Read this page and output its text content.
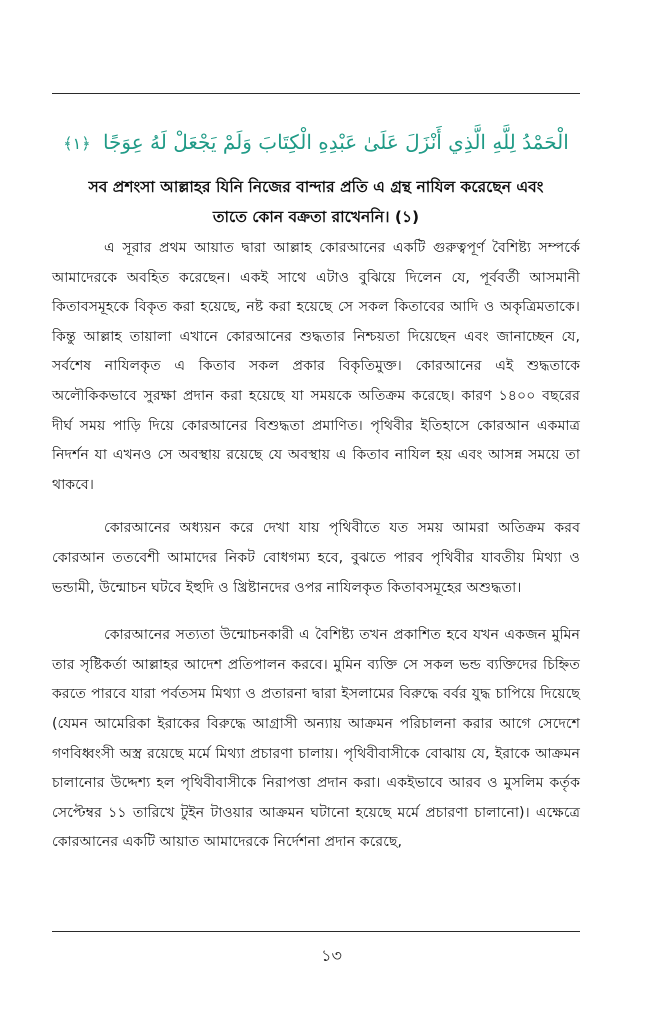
الْحَمْدُ لِلَّهِ الَّذِي أَنْزَلَ عَلَىٰ عَبْدِهِ الْكِتَابَ وَلَمْ يَجْعَلْ لَهُ عِوَجًا ﴿١﴾
সব প্রশংসা আল্লাহর যিনি নিজের বান্দার প্রতি এ গ্রন্থ নাযিল করেছেন এবং
তাতে কোন বক্রতা রাখেননি। (১)

এ সূরার প্রথম আয়াত দ্বারা আল্লাহ কোরআনের একটি গুরুত্বপূর্ণ বৈশিষ্ট্য সম্পর্কে আমাদেরকে অবহিত করেছেন। একই সাথে এটাও বুঝিয়ে দিলেন যে, পূর্ববর্তী আসমানী কিতাবসমূহকে বিকৃত করা হয়েছে, নষ্ট করা হয়েছে সে সকল কিতাবের আদি ও অকৃত্রিমতাকে। কিন্তু আল্লাহ তায়ালা এখানে কোরআনের শুদ্ধতার নিশ্চয়তা দিয়েছেন এবং জানাচ্ছেন যে, সর্বশেষ নাযিলকৃত এ কিতাব সকল প্রকার বিকৃতিমুক্ত। কোরআনের এই শুদ্ধতাকে অলৌকিকভাবে সুরক্ষা প্রদান করা হয়েছে যা সময়কে অতিক্রম করেছে। কারণ ১৪০০ বছরের দীর্ঘ সময় পাড়ি দিয়ে কোরআনের বিশুদ্ধতা প্রমাণিত। পৃথিবীর ইতিহাসে কোরআন একমাত্র নিদর্শন যা এখনও সে অবস্থায় রয়েছে যে অবস্থায় এ কিতাব নাযিল হয় এবং আসন্ন সময়ে তা থাকবে।

কোরআনের অধ্যয়ন করে দেখা যায় পৃথিবীতে যত সময় আমরা অতিক্রম করব কোরআন ততবেশী আমাদের নিকট বোধগম্য হবে, বুঝতে পারব পৃথিবীর যাবতীয় মিথ্যা ও ভন্ডামী, উন্মোচন ঘটবে ইহুদি ও খ্রিষ্টানদের ওপর নাযিলকৃত কিতাবসমূহের অশুদ্ধতা।

কোরআনের সত্যতা উন্মোচনকারী এ বৈশিষ্ট্য তখন প্রকাশিত হবে যখন একজন মুমিন তার সৃষ্টিকর্তা আল্লাহর আদেশ প্রতিপালন করবে। মুমিন ব্যক্তি সে সকল ভন্ড ব্যক্তিদের চিহ্নিত করতে পারবে যারা পর্বতসম মিথ্যা ও প্রতারনা দ্বারা ইসলামের বিরুদ্ধে বর্বর যুদ্ধ চাপিয়ে দিয়েছে (যেমন আমেরিকা ইরাকের বিরুদ্ধে আগ্রাসী অন্যায় আক্রমন পরিচালনা করার আগে সেদেশে গণবিধ্বংসী অস্ত্র রয়েছে মর্মে মিথ্যা প্রচারণা চালায়। পৃথিবীবাসীকে বোঝায় যে, ইরাকে আক্রমন চালানোর উদ্দেশ্য হল পৃথিবীবাসীকে নিরাপত্তা প্রদান করা। একইভাবে আরব ও মুসলিম কর্তৃক সেপ্টেম্বর ১১ তারিখে টুইন টাওয়ার আক্রমন ঘটানো হয়েছে মর্মে প্রচারণা চালানো)। এক্ষেত্রে কোরআনের একটি আয়াত আমাদেরকে নির্দেশনা প্রদান করেছে,

১৩
